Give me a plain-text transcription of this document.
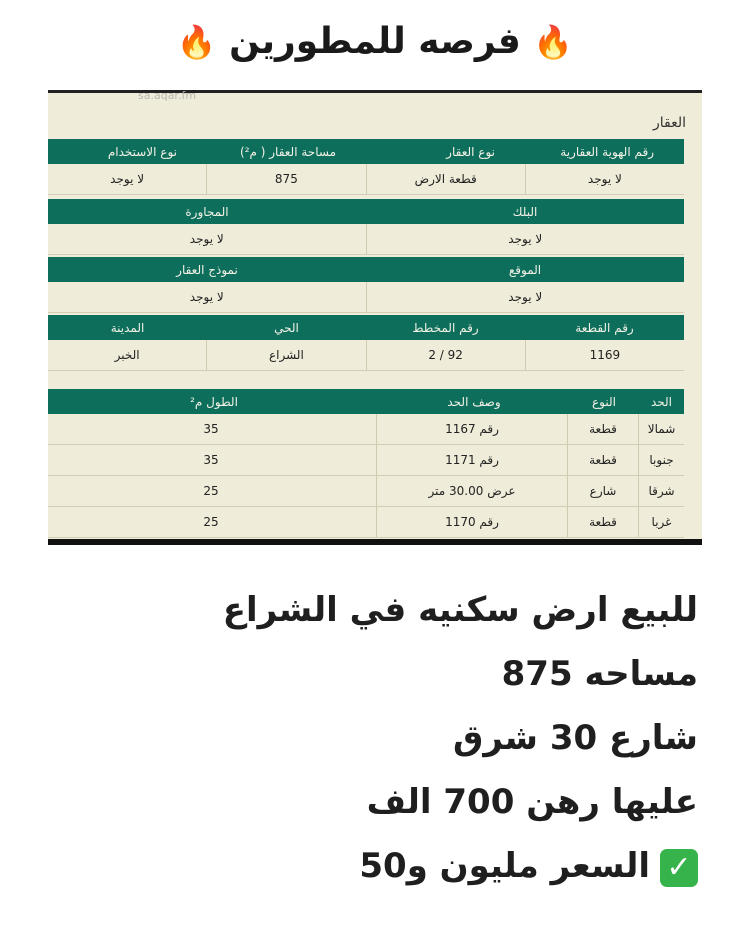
🔥 فرصه للمطورين 🔥
sa.aqar.fm
العقار
رقم الهوية العقارية
نوع العقار
مساحة العقار ( م²)
نوع الاستخدام
لا يوجد
قطعة الارض
875
لا يوجد
البلك
المجاورة
لا يوجد
لا يوجد
الموقع
نموذج العقار
لا يوجد
لا يوجد
رقم القطعة
رقم المخطط
الحي
المدينة
1169
92 / 2
الشراع
الخبر
الحد
النوع
وصف الحد
الطول م²
شمالا
قطعة
رقم 1167
35
جنوبا
قطعة
رقم 1171
35
شرقا
شارع
عرض 30.00 متر
25
غربا
قطعة
رقم 1170
25
للبيع ارض سكنيه في الشراع
مساحه 875
شارع 30 شرق
عليها رهن 700 الف
✓السعر مليون و50
